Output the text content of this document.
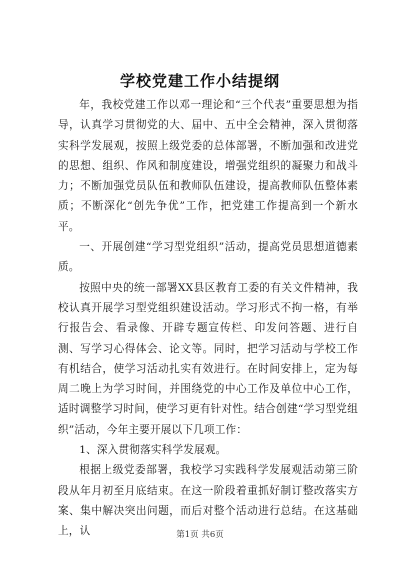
学校党建工作小结提纲

年，我校党建工作以邓一理论和“三个代表”重要思想为指导，认真学习贯彻党的大、届中、五中全会精神，深入贯彻落实科学发展观，按照上级党委的总体部署，不断加强和改进党的思想、组织、作风和制度建设，增强党组织的凝聚力和战斗力；不断加强党员队伍和教师队伍建设，提高教师队伍整体素质；不断深化“创先争优”工作，把党建工作提高到一个新水平。

一、开展创建“学习型党组织”活动，提高党员思想道德素质。

按照中央的统一部署XX县区教育工委的有关文件精神，我校认真开展学习型党组织建设活动。学习形式不拘一格，有举行报告会、看录像、开辟专题宣传栏、印发问答题、进行自测、写学习心得体会、论文等。同时，把学习活动与学校工作有机结合，使学习活动扎实有效进行。在时间安排上，定为每周二晚上为学习时间，并围绕党的中心工作及单位中心工作，适时调整学习时间，使学习更有针对性。结合创建“学习型党组织”活动，今年主要开展以下几项工作：

1、深入贯彻落实科学发展观。

根据上级党委部署，我校学习实践科学发展观活动第三阶段从年月初至月底结束。在这一阶段着重抓好制订整改落实方案、集中解决突出问题，而后对整个活动进行总结。在这基础上，认	第1页 共6页
